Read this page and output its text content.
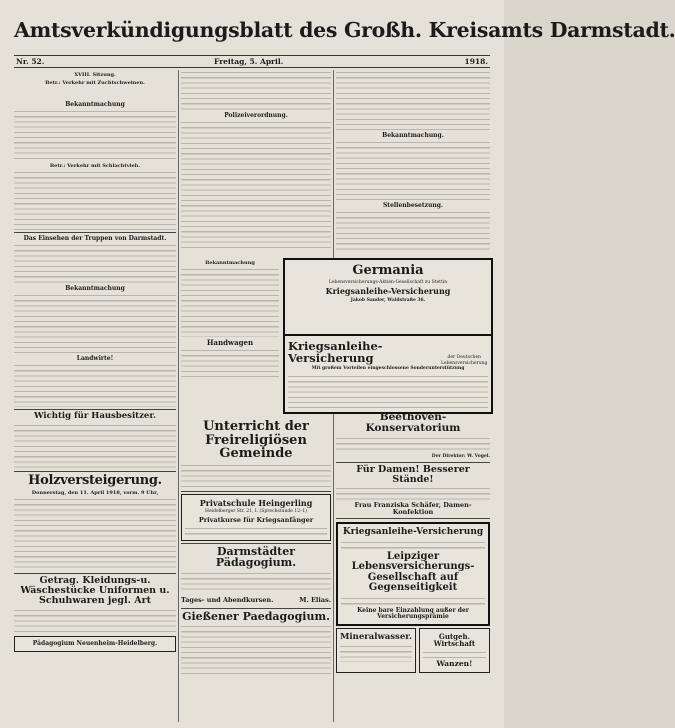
Amtsverkündigungsblatt des Großh. Kreisamts Darmstadt.
Nr. 52.	Freitag, 5. April.	1918.
XVIII. Sitzung.
Betr.: Verkehr mit Zuchtschweinen.

Bekanntmachung

Betr.: Verkehr mit Schlachtvieh.

Das Einsehen der Truppen von Darmstadt.

Bekanntmachung

Landwirte!

Wichtig für Hausbesitzer.

Holzversteigerung.
Donnerstag, den 11. April 1918, vorm. 9 Uhr,

Getrag. Kleidungs-u. Wäschestücke Uniformen u. Schuhwaren jegl. Art

Pädagogium Neuenheim-Heidelberg.

Polizeiverordnung.

Bekanntmachung.

Stellenbesetzung.

Germania
Lebensversicherungs-Aktien-Gesellschaft zu Stettin
Kriegsanleihe-Versicherung
Jakob Sander, Waldstraße 36.
Bekanntmachung

Handwagen	Kriegsanleihe-Versicherung	der Deutschen Lebensversicherung
Mit großem Vorteilen eingeschlossene Sonderunterstützung

Unterricht der Freireligiösen Gemeinde

Privatschule Heingerling
Heidelberger Str. 21, I. (Sprechstunde 12–1)
Privatkurse für Kriegsanfänger

Darmstädter Pädagogium.

Tages- und Abendkursen.	M. Elias.
Gießener Paedagogium.

Beethoven-Konservatorium

Der Direktor: W. Vogel.
Für Damen! Besserer Stände!

Frau Franziska Schäfer, Damen-Konfektion
Kriegsanleihe-Versicherung

Leipziger Lebensversicherungs-Gesellschaft auf Gegenseitigkeit

Keine bare Einzahlung außer der Versicherungsprämie
Mineralwasser.	Gutgeh. Wirtschaft

Wanzen!
